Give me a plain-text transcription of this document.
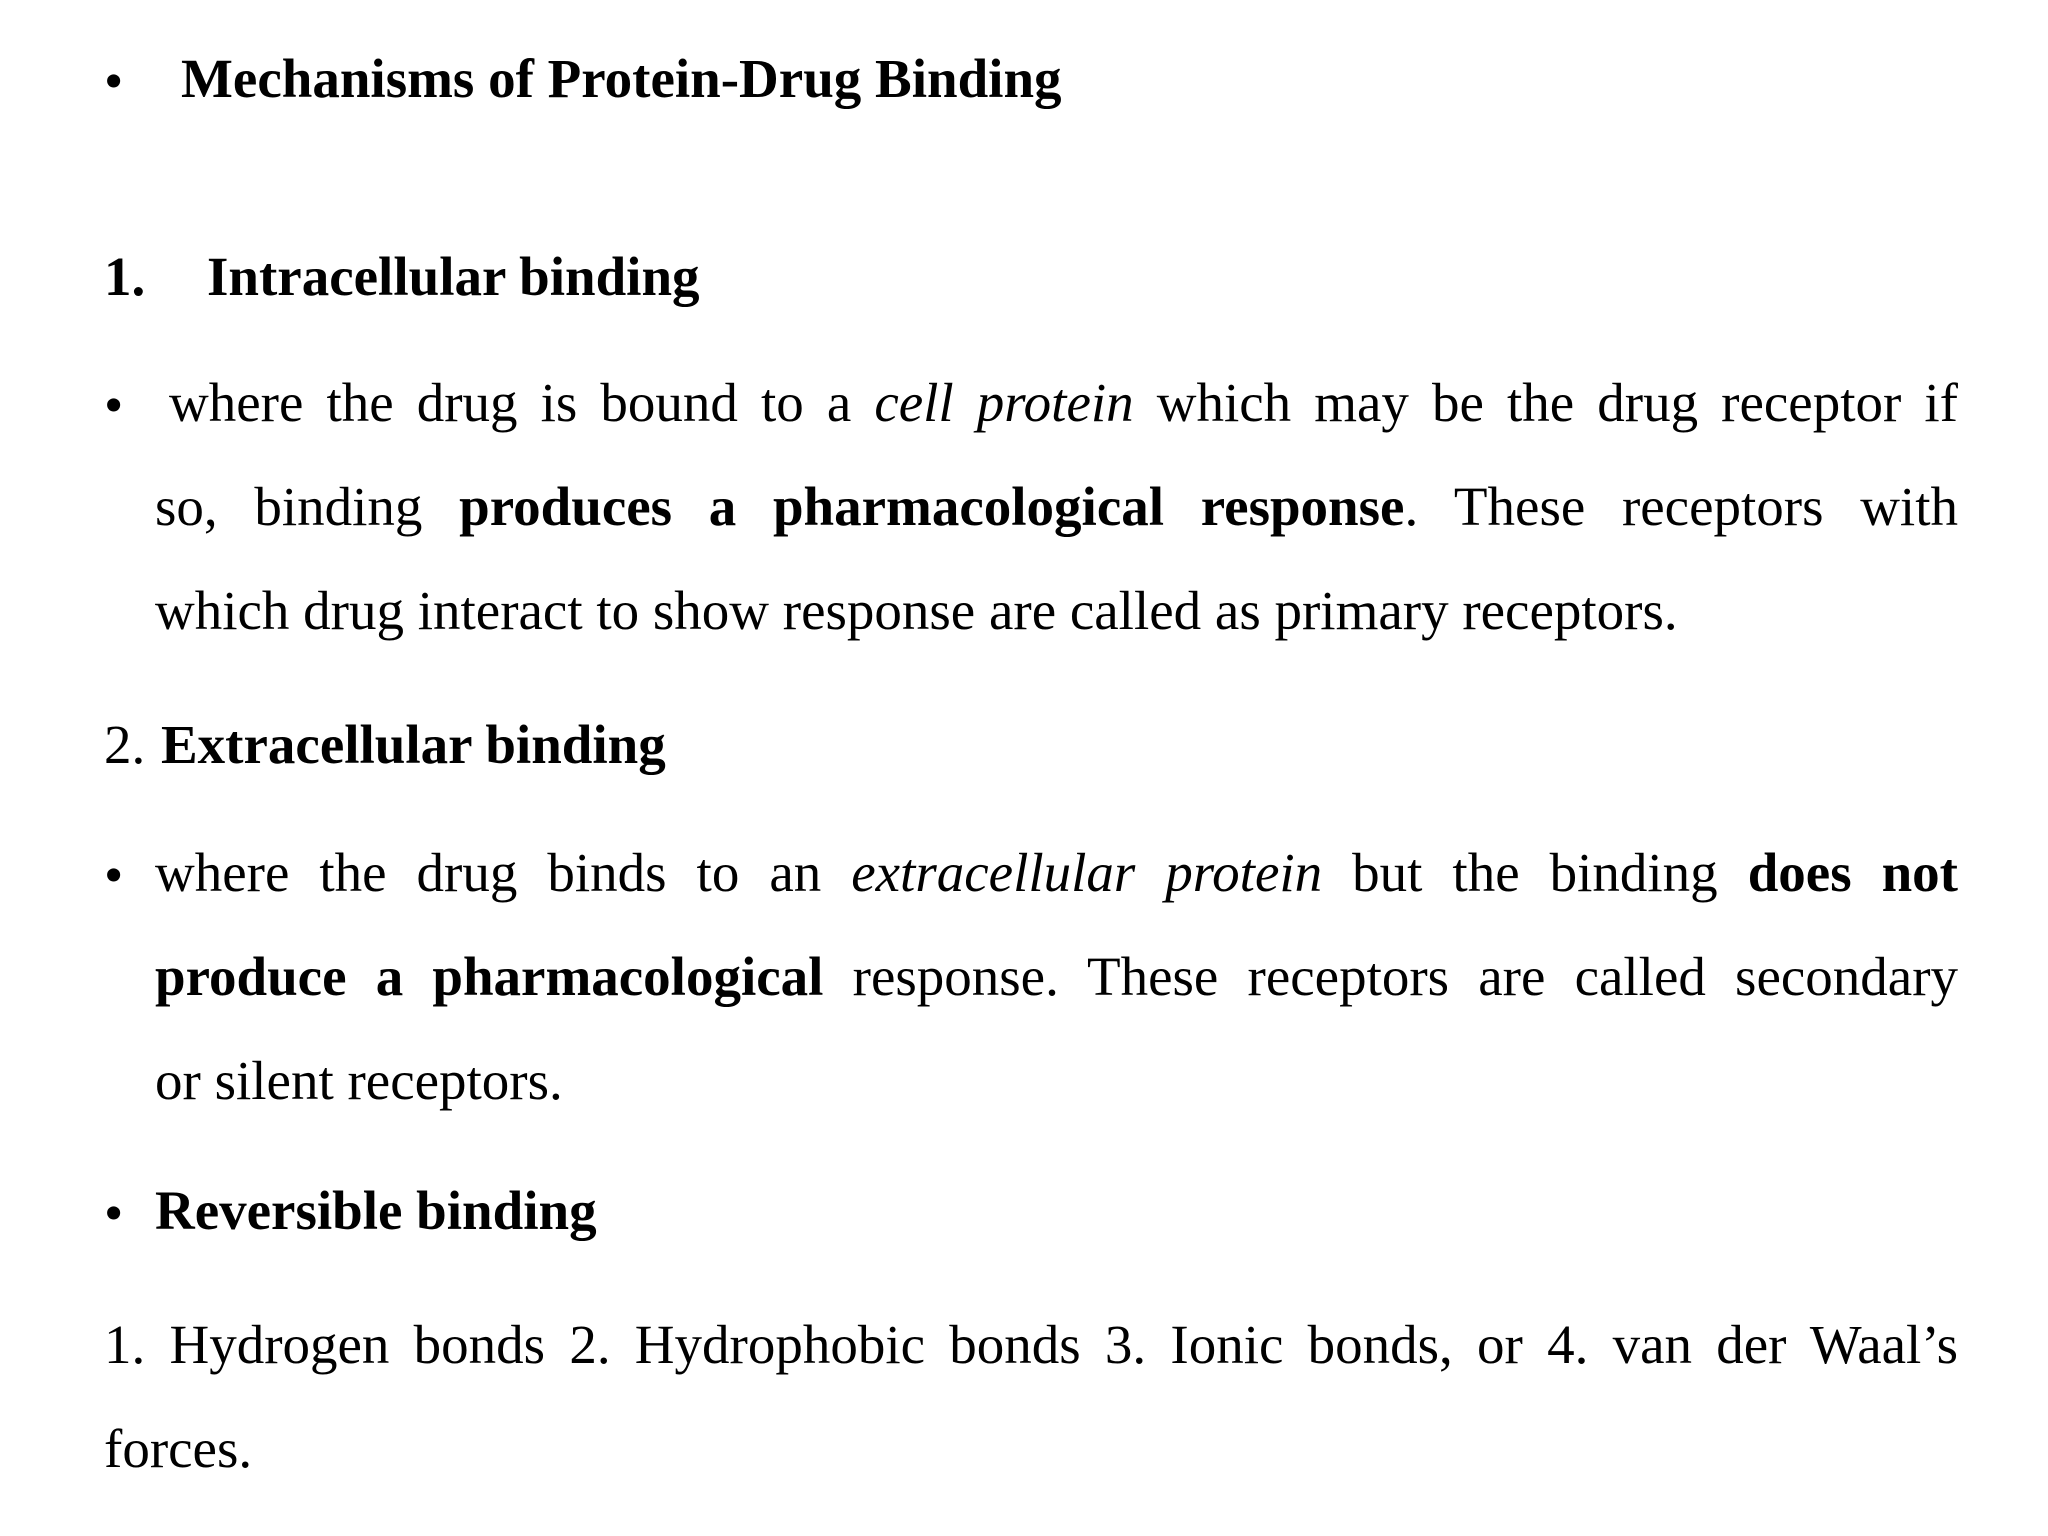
• Mechanisms of Protein-Drug Binding
1. Intracellular binding
• where the drug is bound to a cell protein which may be the drug receptor if
so, binding produces a pharmacological response. These receptors with
which drug interact to show response are called as primary receptors.
2. Extracellular binding
• where the drug binds to an extracellular protein but the binding does not
produce a pharmacological response. These receptors are called secondary
or silent receptors.
• Reversible binding
1. Hydrogen bonds 2. Hydrophobic bonds 3. Ionic bonds, or 4. van der Waal’s
forces.
